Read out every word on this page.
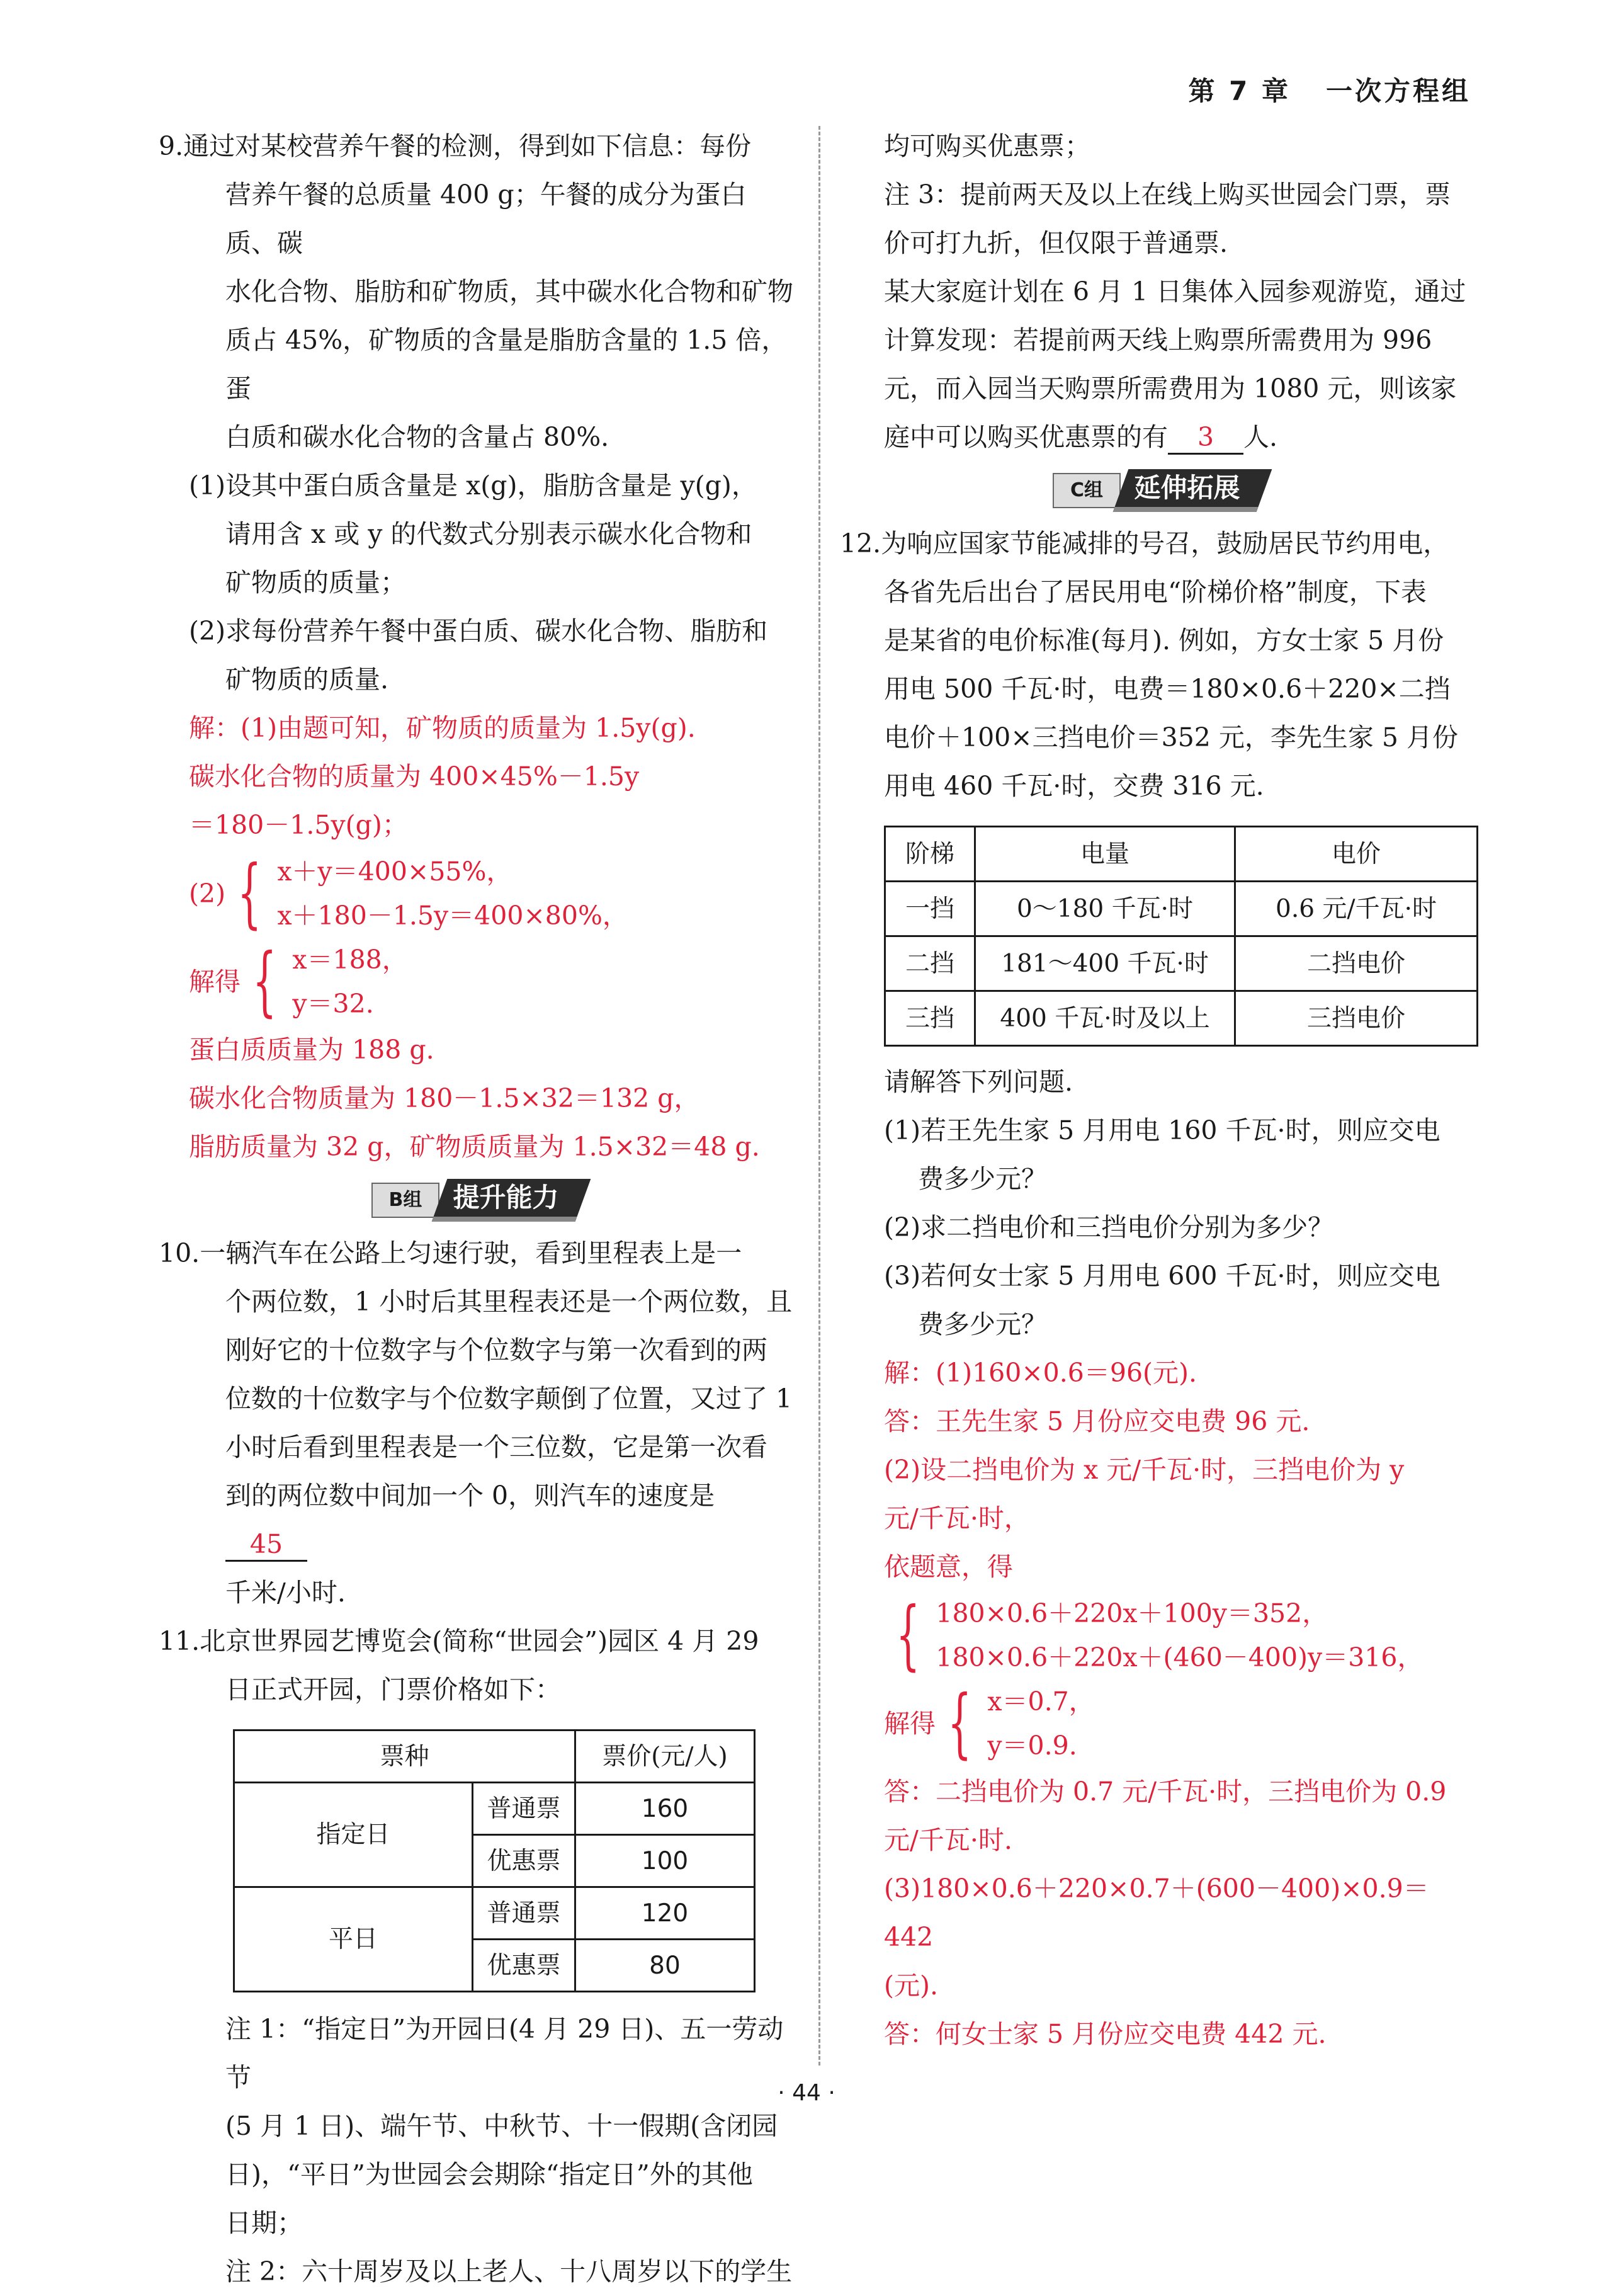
第 7 章 一次方程组

9.通过对某校营养午餐的检测，得到如下信息：每份

营养午餐的总质量 400 g；午餐的成分为蛋白质、碳

水化合物、脂肪和矿物质，其中碳水化合物和矿物

质占 45%，矿物质的含量是脂肪含量的 1.5 倍，蛋

白质和碳水化合物的含量占 80%.

(1)设其中蛋白质含量是 x(g)，脂肪含量是 y(g)，

请用含 x 或 y 的代数式分别表示碳水化合物和

矿物质的质量；

(2)求每份营养午餐中蛋白质、碳水化合物、脂肪和

矿物质的质量.

解：(1)由题可知，矿物质的质量为 1.5y(g).

碳水化合物的质量为 400×45%－1.5y

＝180－1.5y(g)；

(2) { x＋y＝400×55%，
x＋180－1.5y＝400×80%，
解得 { x＝188，
y＝32.

蛋白质质量为 188 g.

碳水化合物质量为 180－1.5×32＝132 g，

脂肪质量为 32 g，矿物质质量为 1.5×32＝48 g.

B组	提升能力

10.一辆汽车在公路上匀速行驶，看到里程表上是一

个两位数，1 小时后其里程表还是一个两位数，且

刚好它的十位数字与个位数字与第一次看到的两

位数的十位数字与个位数字颠倒了位置，又过了 1

小时后看到里程表是一个三位数，它是第一次看

到的两位数中间加一个 0，则汽车的速度是45

千米/小时.

11.北京世界园艺博览会(简称“世园会”)园区 4 月 29

日正式开园，门票价格如下：

票种		票价(元/人)
指定日	普通票	160
	优惠票	100
平日	普通票	120
	优惠票	80

注 1：“指定日”为开园日(4 月 29 日)、五一劳动节

(5 月 1 日)、端午节、中秋节、十一假期(含闭园

日)，“平日”为世园会会期除“指定日”外的其他

日期；

注 2：六十周岁及以上老人、十八周岁以下的学生

均可购买优惠票；

注 3：提前两天及以上在线上购买世园会门票，票

价可打九折，但仅限于普通票.

某大家庭计划在 6 月 1 日集体入园参观游览，通过

计算发现：若提前两天线上购票所需费用为 996

元，而入园当天购票所需费用为 1080 元，则该家

庭中可以购买优惠票的有 3 人.

C组	延伸拓展

12.为响应国家节能减排的号召，鼓励居民节约用电，

各省先后出台了居民用电“阶梯价格”制度，下表

是某省的电价标准(每月). 例如，方女士家 5 月份

用电 500 千瓦·时，电费＝180×0.6＋220×二挡

电价＋100×三挡电价＝352 元，李先生家 5 月份

用电 460 千瓦·时，交费 316 元.

阶梯	电量	电价
一挡	0～180 千瓦·时	0.6 元/千瓦·时
二挡	181～400 千瓦·时	二挡电价
三挡	400 千瓦·时及以上	三挡电价

请解答下列问题.

(1)若王先生家 5 月用电 160 千瓦·时，则应交电

费多少元？

(2)求二挡电价和三挡电价分别为多少？

(3)若何女士家 5 月用电 600 千瓦·时，则应交电

费多少元？

解：(1)160×0.6＝96(元).

答：王先生家 5 月份应交电费 96 元.

(2)设二挡电价为 x 元/千瓦·时，三挡电价为 y

元/千瓦·时，

依题意，得

{ 180×0.6＋220x＋100y＝352，
180×0.6＋220x＋(460－400)y＝316，
解得 { x＝0.7，
y＝0.9.

答：二挡电价为 0.7 元/千瓦·时，三挡电价为 0.9

元/千瓦·时.

(3)180×0.6＋220×0.7＋(600－400)×0.9＝442

(元).

答：何女士家 5 月份应交电费 442 元.

· 44 ·
